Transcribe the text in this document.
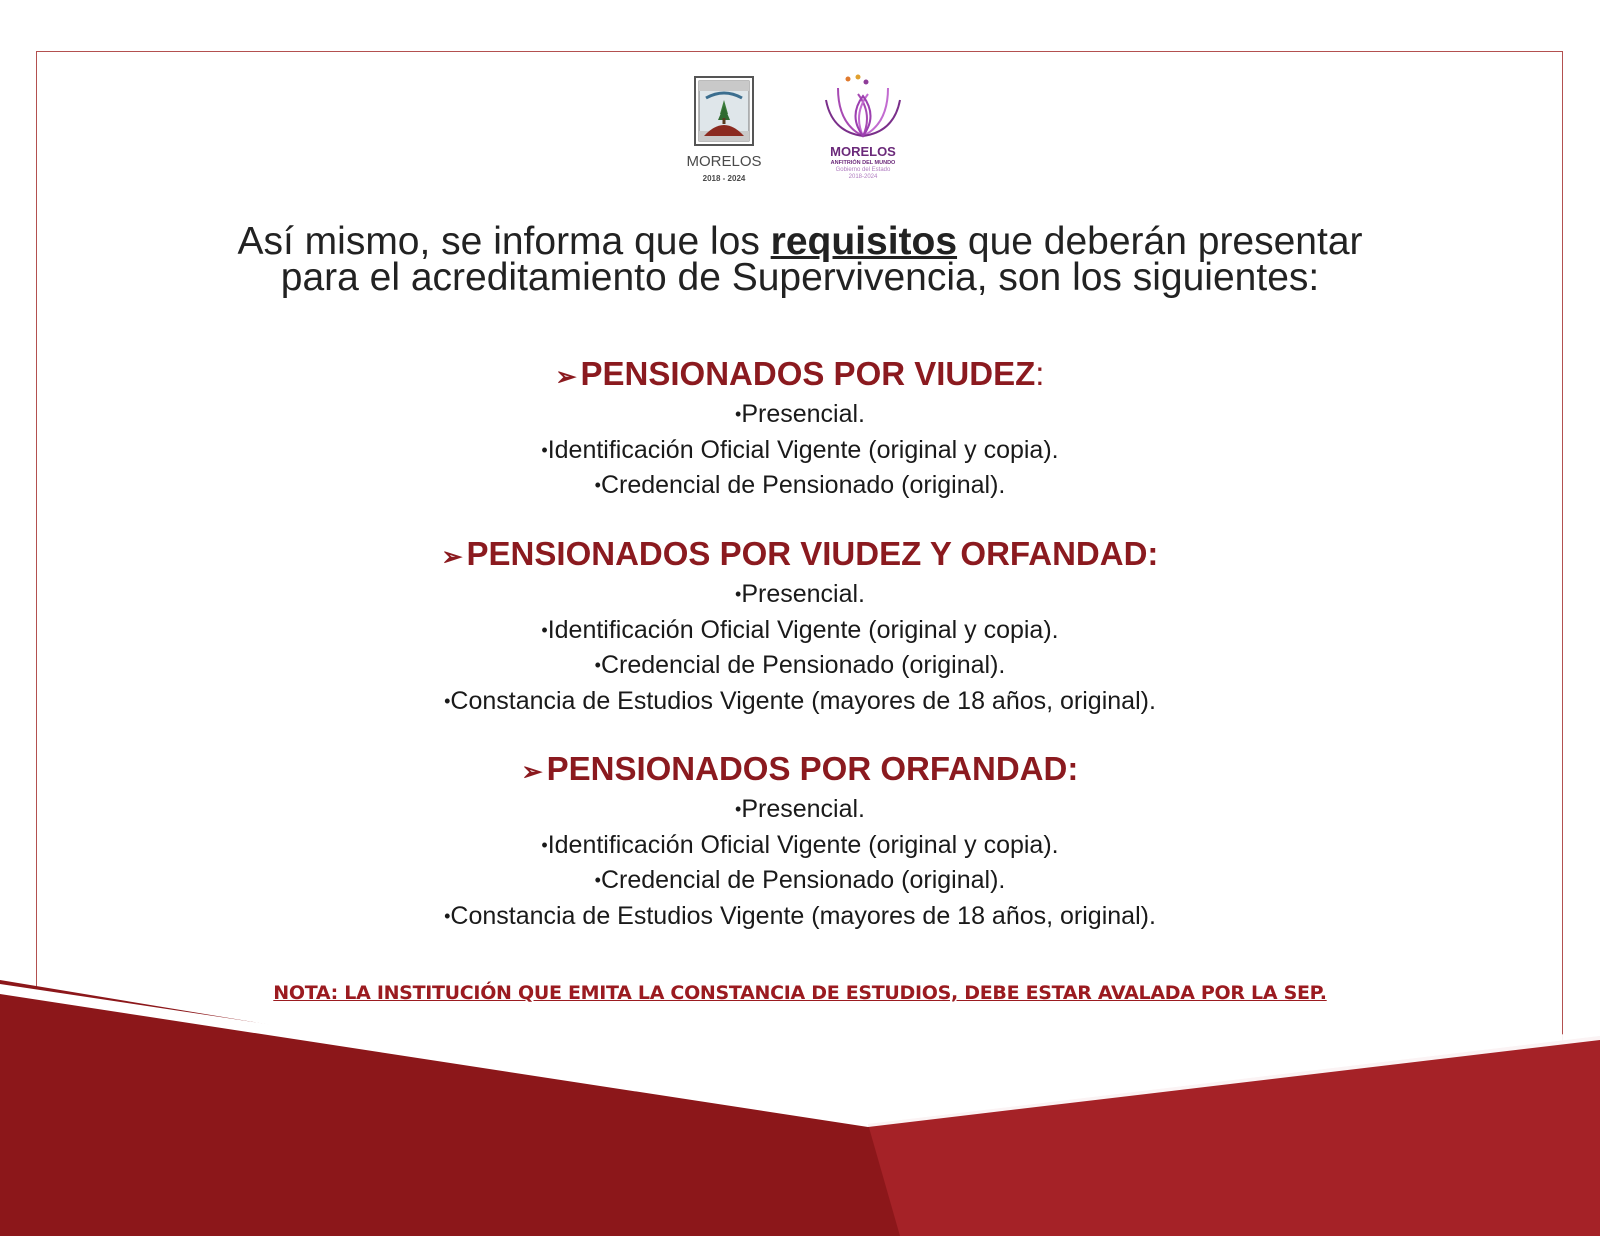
MORELOS
2018 - 2024
MORELOS
ANFITRIÓN DEL MUNDO
Gobierno del Estado
2018-2024
Así mismo, se informa que los requisitos que deberán presentar
para el acreditamiento de Supervivencia, son los siguientes:
➢ PENSIONADOS POR VIUDEZ:
•Presencial.
•Identificación Oficial Vigente (original y copia).
•Credencial de Pensionado (original).
➢ PENSIONADOS POR VIUDEZ Y ORFANDAD:
•Presencial.
•Identificación Oficial Vigente (original y copia).
•Credencial de Pensionado (original).
•Constancia de Estudios Vigente (mayores de 18 años, original).
➢ PENSIONADOS POR ORFANDAD:
•Presencial.
•Identificación Oficial Vigente (original y copia).
•Credencial de Pensionado (original).
•Constancia de Estudios Vigente (mayores de 18 años, original).
NOTA: LA INSTITUCIÓN QUE EMITA LA CONSTANCIA DE ESTUDIOS, DEBE ESTAR AVALADA POR LA SEP.
